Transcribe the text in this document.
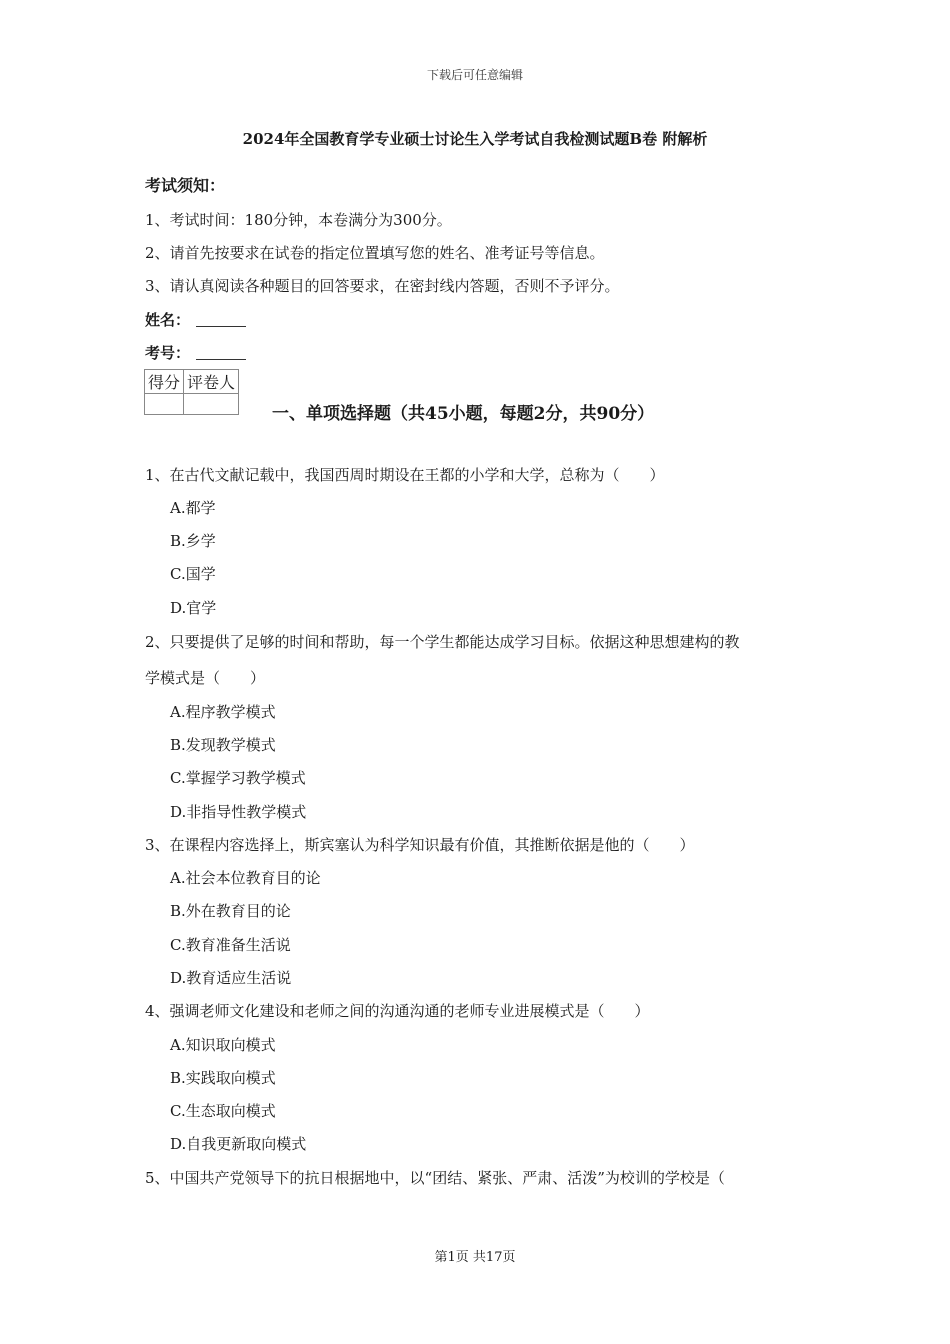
下载后可任意编辑
2024年全国教育学专业硕士讨论生入学考试自我检测试题B卷 附解析
考试须知：
1、考试时间：180分钟，本卷满分为300分。
2、请首先按要求在试卷的指定位置填写您的姓名、准考证号等信息。
3、请认真阅读各种题目的回答要求，在密封线内答题，否则不予评分。
姓名：
考号：
得分	评卷人

一、单项选择题（共45小题，每题2分，共90分）
1、在古代文献记载中，我国西周时期设在王都的小学和大学，总称为（　　）
A.都学
B.乡学
C.国学
D.官学
2、只要提供了足够的时间和帮助，每一个学生都能达成学习目标。依据这种思想建构的教
学模式是（　　）
A.程序教学模式
B.发现教学模式
C.掌握学习教学模式
D.非指导性教学模式
3、在课程内容选择上，斯宾塞认为科学知识最有价值，其推断依据是他的（　　）
A.社会本位教育目的论
B.外在教育目的论
C.教育准备生活说
D.教育适应生活说
4、强调老师文化建设和老师之间的沟通沟通的老师专业进展模式是（　　）
A.知识取向模式
B.实践取向模式
C.生态取向模式
D.自我更新取向模式
5、中国共产党领导下的抗日根据地中，以“团结、紧张、严肃、活泼”为校训的学校是（
第1页 共17页
